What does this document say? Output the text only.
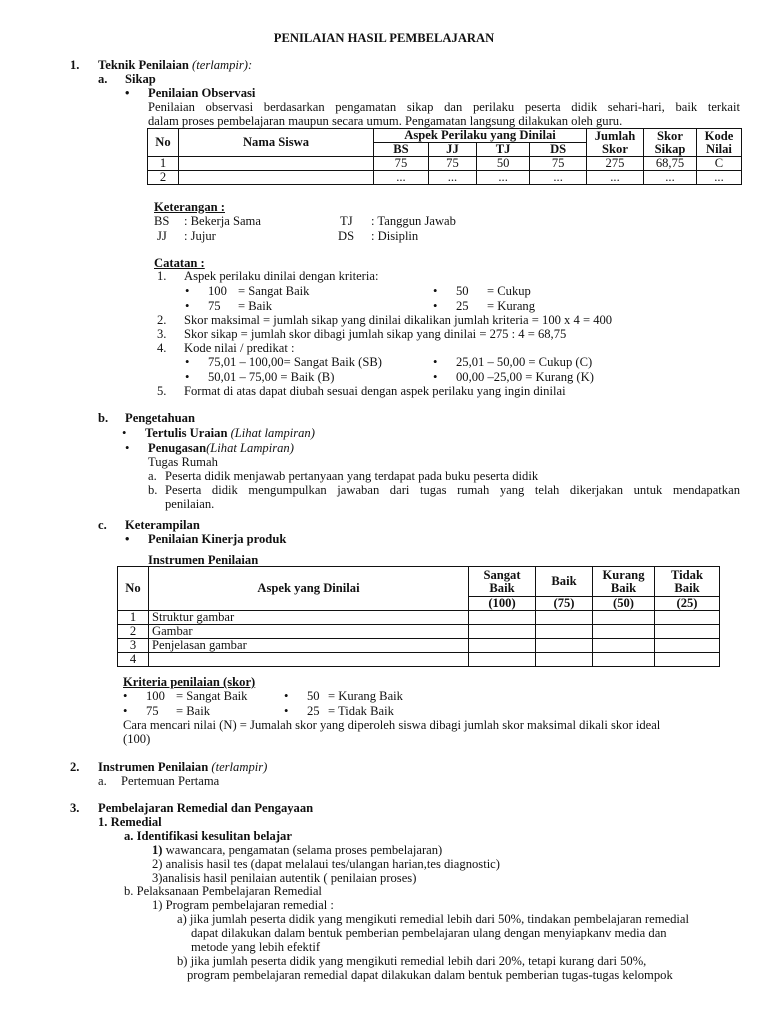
PENILAIAN HASIL PEMBELAJARAN
1. Teknik Penilaian (terlampir):
a. Sikap
• Penilaian Observasi
Penilaian observasi berdasarkan pengamatan sikap dan perilaku peserta didik sehari-hari, baik terkait
dalam proses pembelajaran maupun secara umum. Pengamatan langsung dilakukan oleh guru.
No	Nama Siswa	Aspek Perilaku yang Dinilai				Jumlah Skor	Skor Sikap	Kode Nilai
		BS	JJ	TJ	DS			
1		75	75	50	75	275	68,75	C
2		...	...	...	...	...	...	...
Keterangan :
BS : Bekerja Sama	TJ : Tanggun Jawab
JJ : Jujur	DS : Disiplin
Catatan :
1. Aspek perilaku dinilai dengan kriteria:
• 100 = Sangat Baik	• 50 = Cukup
• 75 = Baik	• 25 = Kurang
2. Skor maksimal = jumlah sikap yang dinilai dikalikan jumlah kriteria = 100 x 4 = 400
3. Skor sikap = jumlah skor dibagi jumlah sikap yang dinilai = 275 : 4 = 68,75
4. Kode nilai / predikat :
• 75,01 – 100,00= Sangat Baik (SB)	• 25,01 – 50,00 = Cukup (C)
• 50,01 – 75,00 = Baik (B)	• 00,00 –25,00 = Kurang (K)
5. Format di atas dapat diubah sesuai dengan aspek perilaku yang ingin dinilai
b. Pengetahuan
• Tertulis Uraian (Lihat lampiran)
• Penugasan(Lihat Lampiran)
Tugas Rumah
a. Peserta didik menjawab pertanyaan yang terdapat pada buku peserta didik
b. Peserta didik mengumpulkan jawaban dari tugas rumah yang telah dikerjakan untuk mendapatkan
penilaian.
c. Keterampilan
• Penilaian Kinerja produk
Instrumen Penilaian
No	Aspek yang Dinilai	Sangat Baik	Baik	Kurang Baik	Tidak Baik
		(100)	(75)	(50)	(25)
1	Struktur gambar				
2	Gambar				
3	Penjelasan gambar				
4					
Kriteria penilaian (skor)
• 100 = Sangat Baik	• 50 = Kurang Baik
• 75 = Baik	• 25 = Tidak Baik
Cara mencari nilai (N) = Jumalah skor yang diperoleh siswa dibagi jumlah skor maksimal dikali skor ideal
(100)
2. Instrumen Penilaian (terlampir)
a. Pertemuan Pertama
3. Pembelajaran Remedial dan Pengayaan
1. Remedial
a. Identifikasi kesulitan belajar
1) wawancara, pengamatan (selama proses pembelajaran)
2) analisis hasil tes (dapat melalaui tes/ulangan harian,tes diagnostic)
3)analisis hasil penilaian autentik ( penilaian proses)
b. Pelaksanaan Pembelajaran Remedial
1) Program pembelajaran remedial :
a) jika jumlah peserta didik yang mengikuti remedial lebih dari 50%, tindakan pembelajaran remedial
dapat dilakukan dalam bentuk pemberian pembelajaran ulang dengan menyiapkanv media dan
metode yang lebih efektif
b) jika jumlah peserta didik yang mengikuti remedial lebih dari 20%, tetapi kurang dari 50%,
program pembelajaran remedial dapat dilakukan dalam bentuk pemberian tugas-tugas kelompok
